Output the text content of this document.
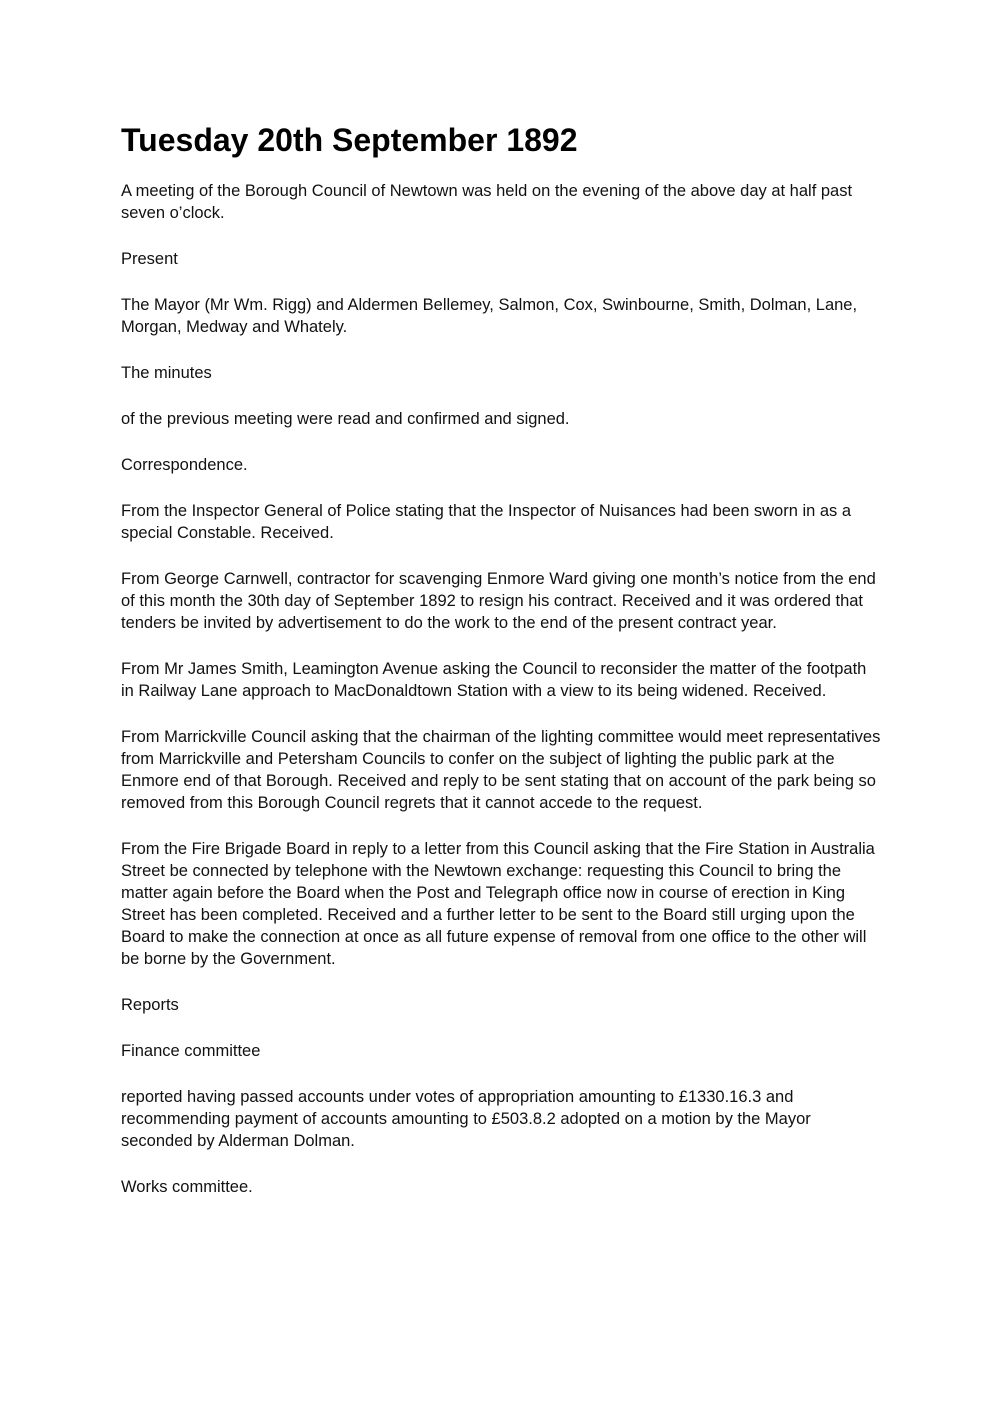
Tuesday 20th September 1892

A meeting of the Borough Council of Newtown was held on the evening of the above day at half past seven o’clock.

Present

The Mayor (Mr Wm. Rigg) and Aldermen Bellemey, Salmon, Cox, Swinbourne, Smith, Dolman, Lane, Morgan, Medway and Whately.

The minutes

of the previous meeting were read and confirmed and signed.

Correspondence.

From the Inspector General of Police stating that the Inspector of Nuisances had been sworn in as a special Constable. Received.

From George Carnwell, contractor for scavenging Enmore Ward giving one month’s notice from the end of this month the 30th day of September 1892 to resign his contract. Received and it was ordered that tenders be invited by advertisement to do the work to the end of the present contract year.

From Mr James Smith, Leamington Avenue asking the Council to reconsider the matter of the footpath in Railway Lane approach to MacDonaldtown Station with a view to its being widened. Received.

From Marrickville Council asking that the chairman of the lighting committee would meet representatives from Marrickville and Petersham Councils to confer on the subject of lighting the public park at the Enmore end of that Borough. Received and reply to be sent stating that on account of the park being so removed from this Borough Council regrets that it cannot accede to the request.

From the Fire Brigade Board in reply to a letter from this Council asking that the Fire Station in Australia Street be connected by telephone with the Newtown exchange: requesting this Council to bring the matter again before the Board when the Post and Telegraph office now in course of erection in King Street has been completed. Received and a further letter to be sent to the Board still urging upon the Board to make the connection at once as all future expense of removal from one office to the other will be borne by the Government.

Reports

Finance committee

reported having passed accounts under votes of appropriation amounting to £1330.16.3 and recommending payment of accounts amounting to £503.8.2 adopted on a motion by the Mayor seconded by Alderman Dolman.

Works committee.
